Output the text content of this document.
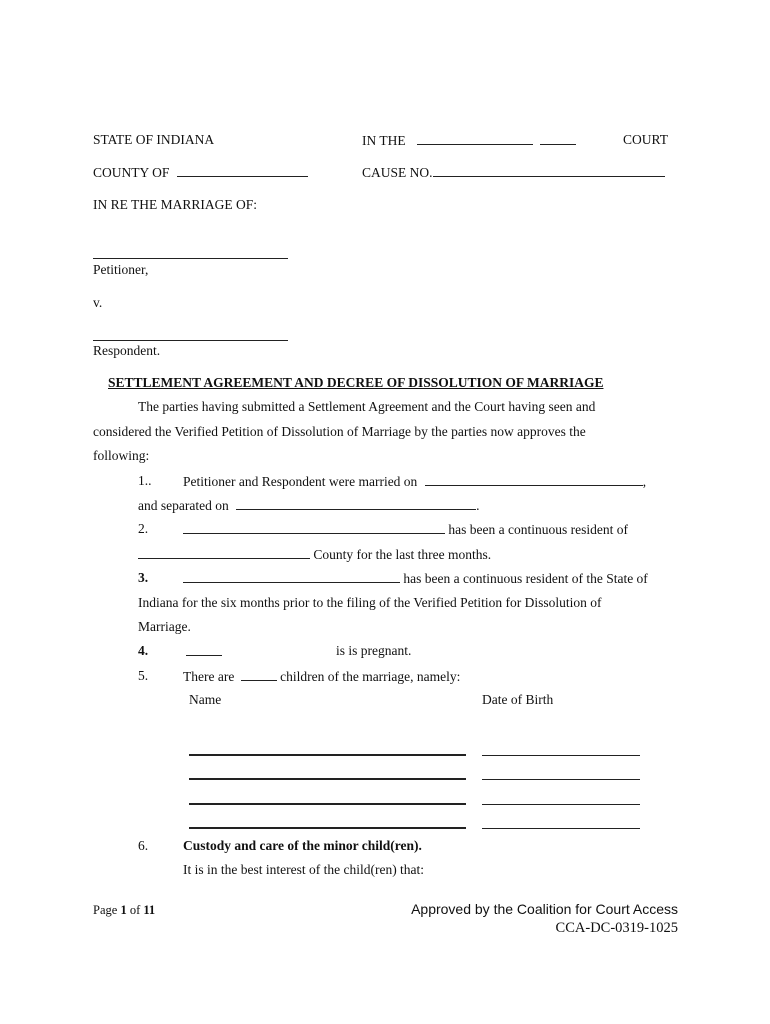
STATE OF INDIANA	IN THE	COURT
COUNTY OF	CAUSE NO.
IN RE THE MARRIAGE OF:
Petitioner,
v.
Respondent.
SETTLEMENT AGREEMENT AND DECREE OF DISSOLUTION OF MARRIAGE
The parties having submitted a Settlement Agreement and the Court having seen and
considered the Verified Petition of Dissolution of Marriage by the parties now approves the
following:
1.. Petitioner and Respondent were married on	,
and separated on	.
2.	has been a continuous resident of
County for the last three months.
3.	has been a continuous resident of the State of
Indiana for the six months prior to the filing of the Verified Petition for Dissolution of
Marriage.
4.	is is pregnant.
5.	There are	children of the marriage, namely:
Name	Date of Birth
6.	Custody and care of the minor child(ren).
It is in the best interest of the child(ren) that:
Page 1 of 11	Approved by the Coalition for Court Access
CCA-DC-0319-1025
